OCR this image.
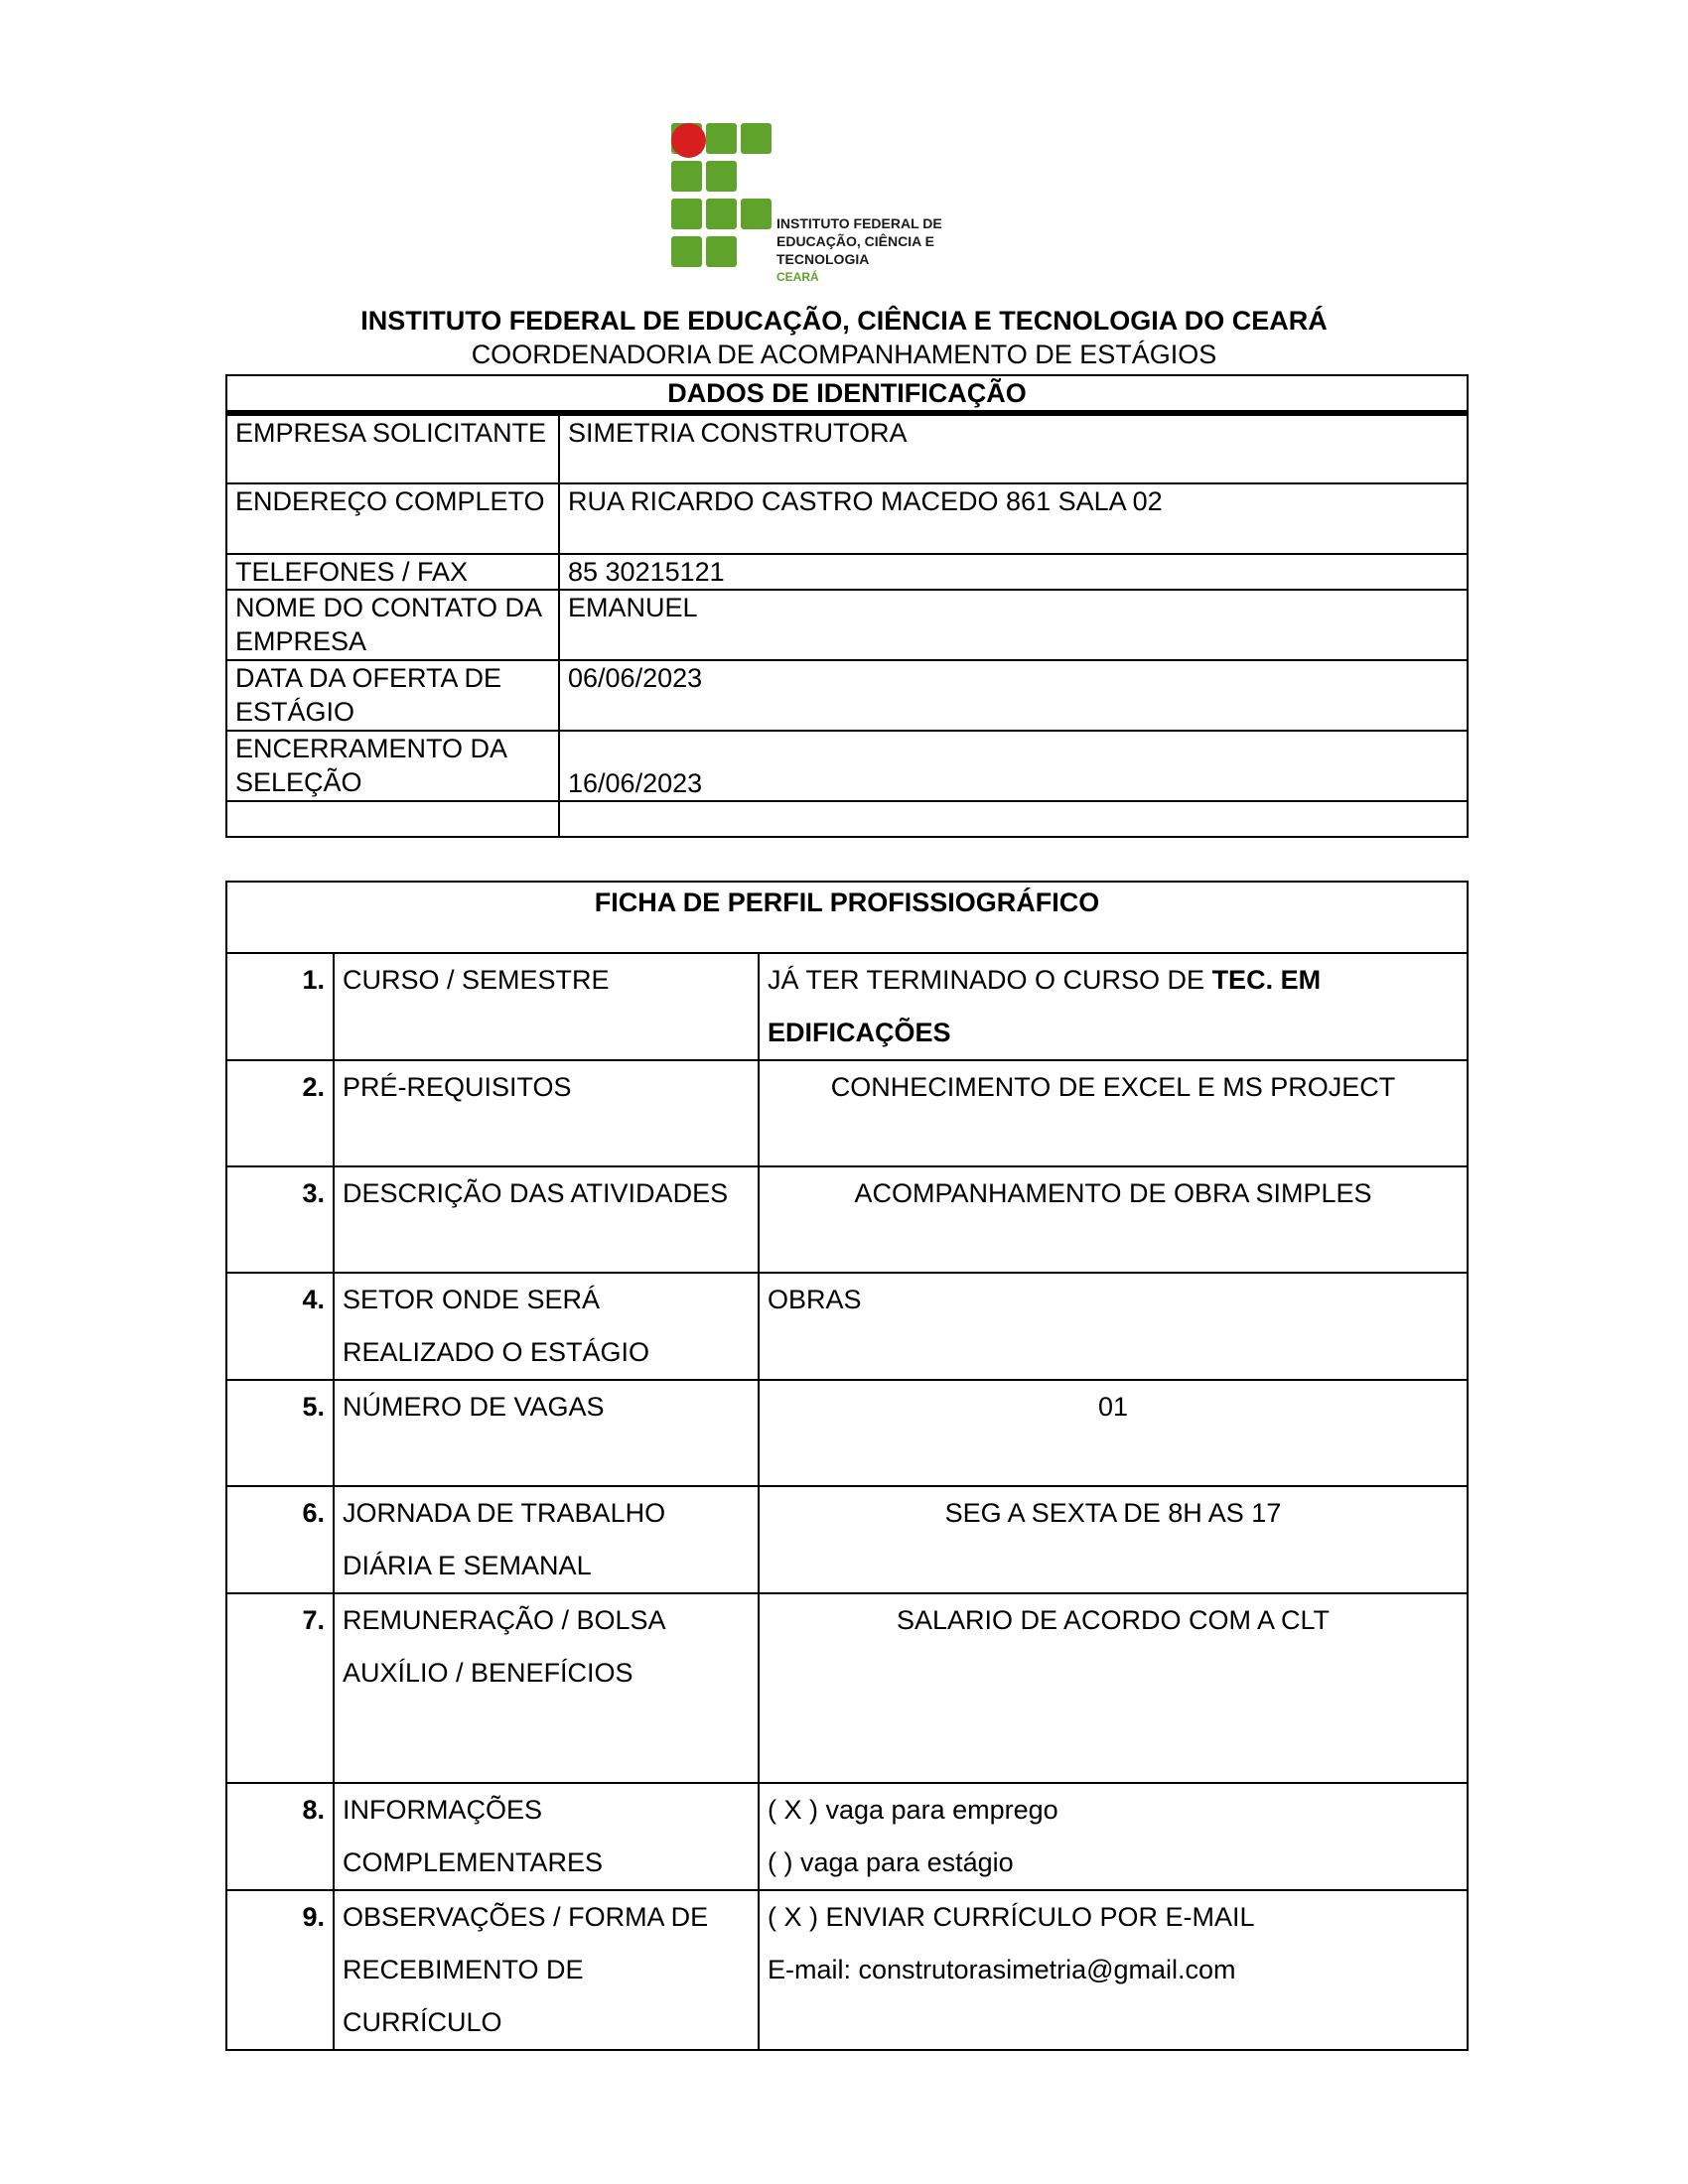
INSTITUTO FEDERAL DE
EDUCAÇÃO, CIÊNCIA E TECNOLOGIA
CEARÁ
INSTITUTO FEDERAL DE EDUCAÇÃO, CIÊNCIA E TECNOLOGIA DO CEARÁ
COORDENADORIA DE ACOMPANHAMENTO DE ESTÁGIOS
DADOS DE IDENTIFICAÇÃO	
EMPRESA SOLICITANTE	SIMETRIA CONSTRUTORA
ENDEREÇO COMPLETO	RUA RICARDO CASTRO MACEDO 861 SALA 02
TELEFONES / FAX	85 30215121
NOME DO CONTATO DA EMPRESA	EMANUEL
DATA DA OFERTA DE ESTÁGIO	06/06/2023
ENCERRAMENTO DA SELEÇÃO	16/06/2023

FICHA DE PERFIL PROFISSIOGRÁFICO		
1.	CURSO / SEMESTRE	JÁ TER TERMINADO O CURSO DE TEC. EM EDIFICAÇÕES
2.	PRÉ-REQUISITOS	CONHECIMENTO DE EXCEL E MS PROJECT
3.	DESCRIÇÃO DAS ATIVIDADES	ACOMPANHAMENTO DE OBRA SIMPLES
4.	SETOR ONDE SERÁ REALIZADO O ESTÁGIO	OBRAS
5.	NÚMERO DE VAGAS	01
6.	JORNADA DE TRABALHO DIÁRIA E SEMANAL	SEG A SEXTA DE 8H AS 17
7.	REMUNERAÇÃO / BOLSA AUXÍLIO / BENEFÍCIOS	SALARIO DE ACORDO COM A CLT
8.	INFORMAÇÕES COMPLEMENTARES	( X ) vaga para emprego
( ) vaga para estágio

9.	OBSERVAÇÕES / FORMA DE RECEBIMENTO DE CURRÍCULO	( X ) ENVIAR CURRÍCULO POR E-MAIL
E-mail: construtorasimetria@gmail.com
